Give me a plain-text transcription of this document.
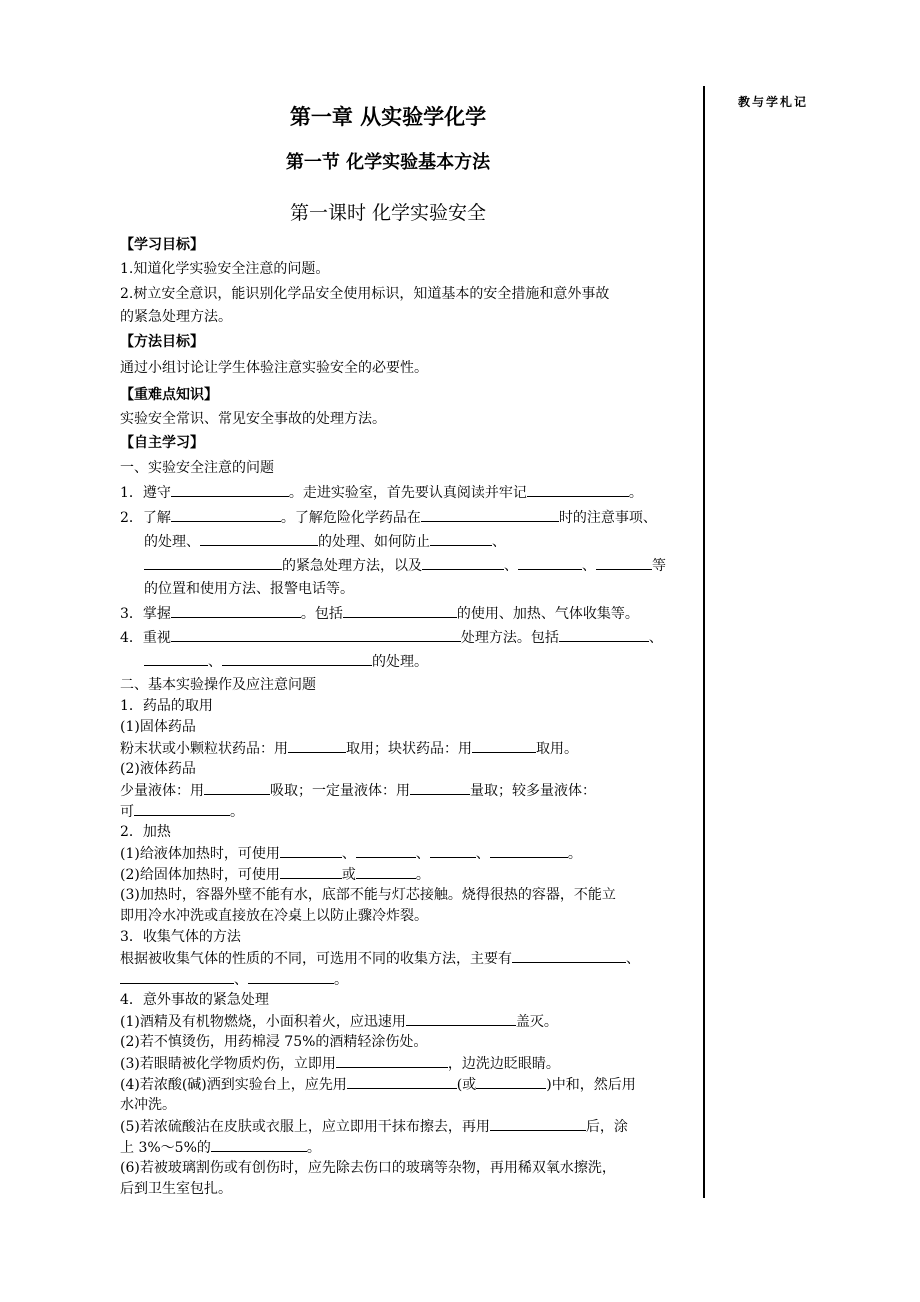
教与学札记
第一章 从实验学化学
第一节 化学实验基本方法
第一课时 化学实验安全
【学习目标】
1.知道化学实验安全注意的问题。
2.树立安全意识，能识别化学品安全使用标识，知道基本的安全措施和意外事故
的紧急处理方法。
【方法目标】
通过小组讨论让学生体验注意实验安全的必要性。
【重难点知识】
实验安全常识、常见安全事故的处理方法。
【自主学习】
一、实验安全注意的问题
1．遵守	。走进实验室，首先要认真阅读并牢记	。
2．了解	。了解危险化学药品在	时的注意事项、
的处理、	的处理、如何防止	、
的紧急处理方法，以及	、	、	等
的位置和使用方法、报警电话等。
3．掌握	。包括	的使用、加热、气体收集等。
4．重视	处理方法。包括	、
、	的处理。
二、基本实验操作及应注意问题
1．药品的取用
(1)固体药品
粉末状或小颗粒状药品：用	取用；块状药品：用	取用。
(2)液体药品
少量液体：用	吸取；一定量液体：用	量取；较多量液体：
可	。
2．加热
(1)给液体加热时，可使用	、	、	、	。
(2)给固体加热时，可使用	或	。
(3)加热时，容器外壁不能有水，底部不能与灯芯接触。烧得很热的容器，不能立
即用冷水冲洗或直接放在冷桌上以防止骤冷炸裂。
3．收集气体的方法
根据被收集气体的性质的不同，可选用不同的收集方法，主要有	、
、	。
4．意外事故的紧急处理
(1)酒精及有机物燃烧，小面积着火，应迅速用	盖灭。
(2)若不慎烫伤，用药棉浸 75%的酒精轻涂伤处。
(3)若眼睛被化学物质灼伤，立即用	，边洗边眨眼睛。
(4)若浓酸(碱)洒到实验台上，应先用	(或	)中和，然后用
水冲洗。
(5)若浓硫酸沾在皮肤或衣服上，应立即用干抹布擦去，再用	后，涂
上 3%～5%的	。
(6)若被玻璃割伤或有创伤时，应先除去伤口的玻璃等杂物，再用稀双氧水擦洗，
后到卫生室包扎。
